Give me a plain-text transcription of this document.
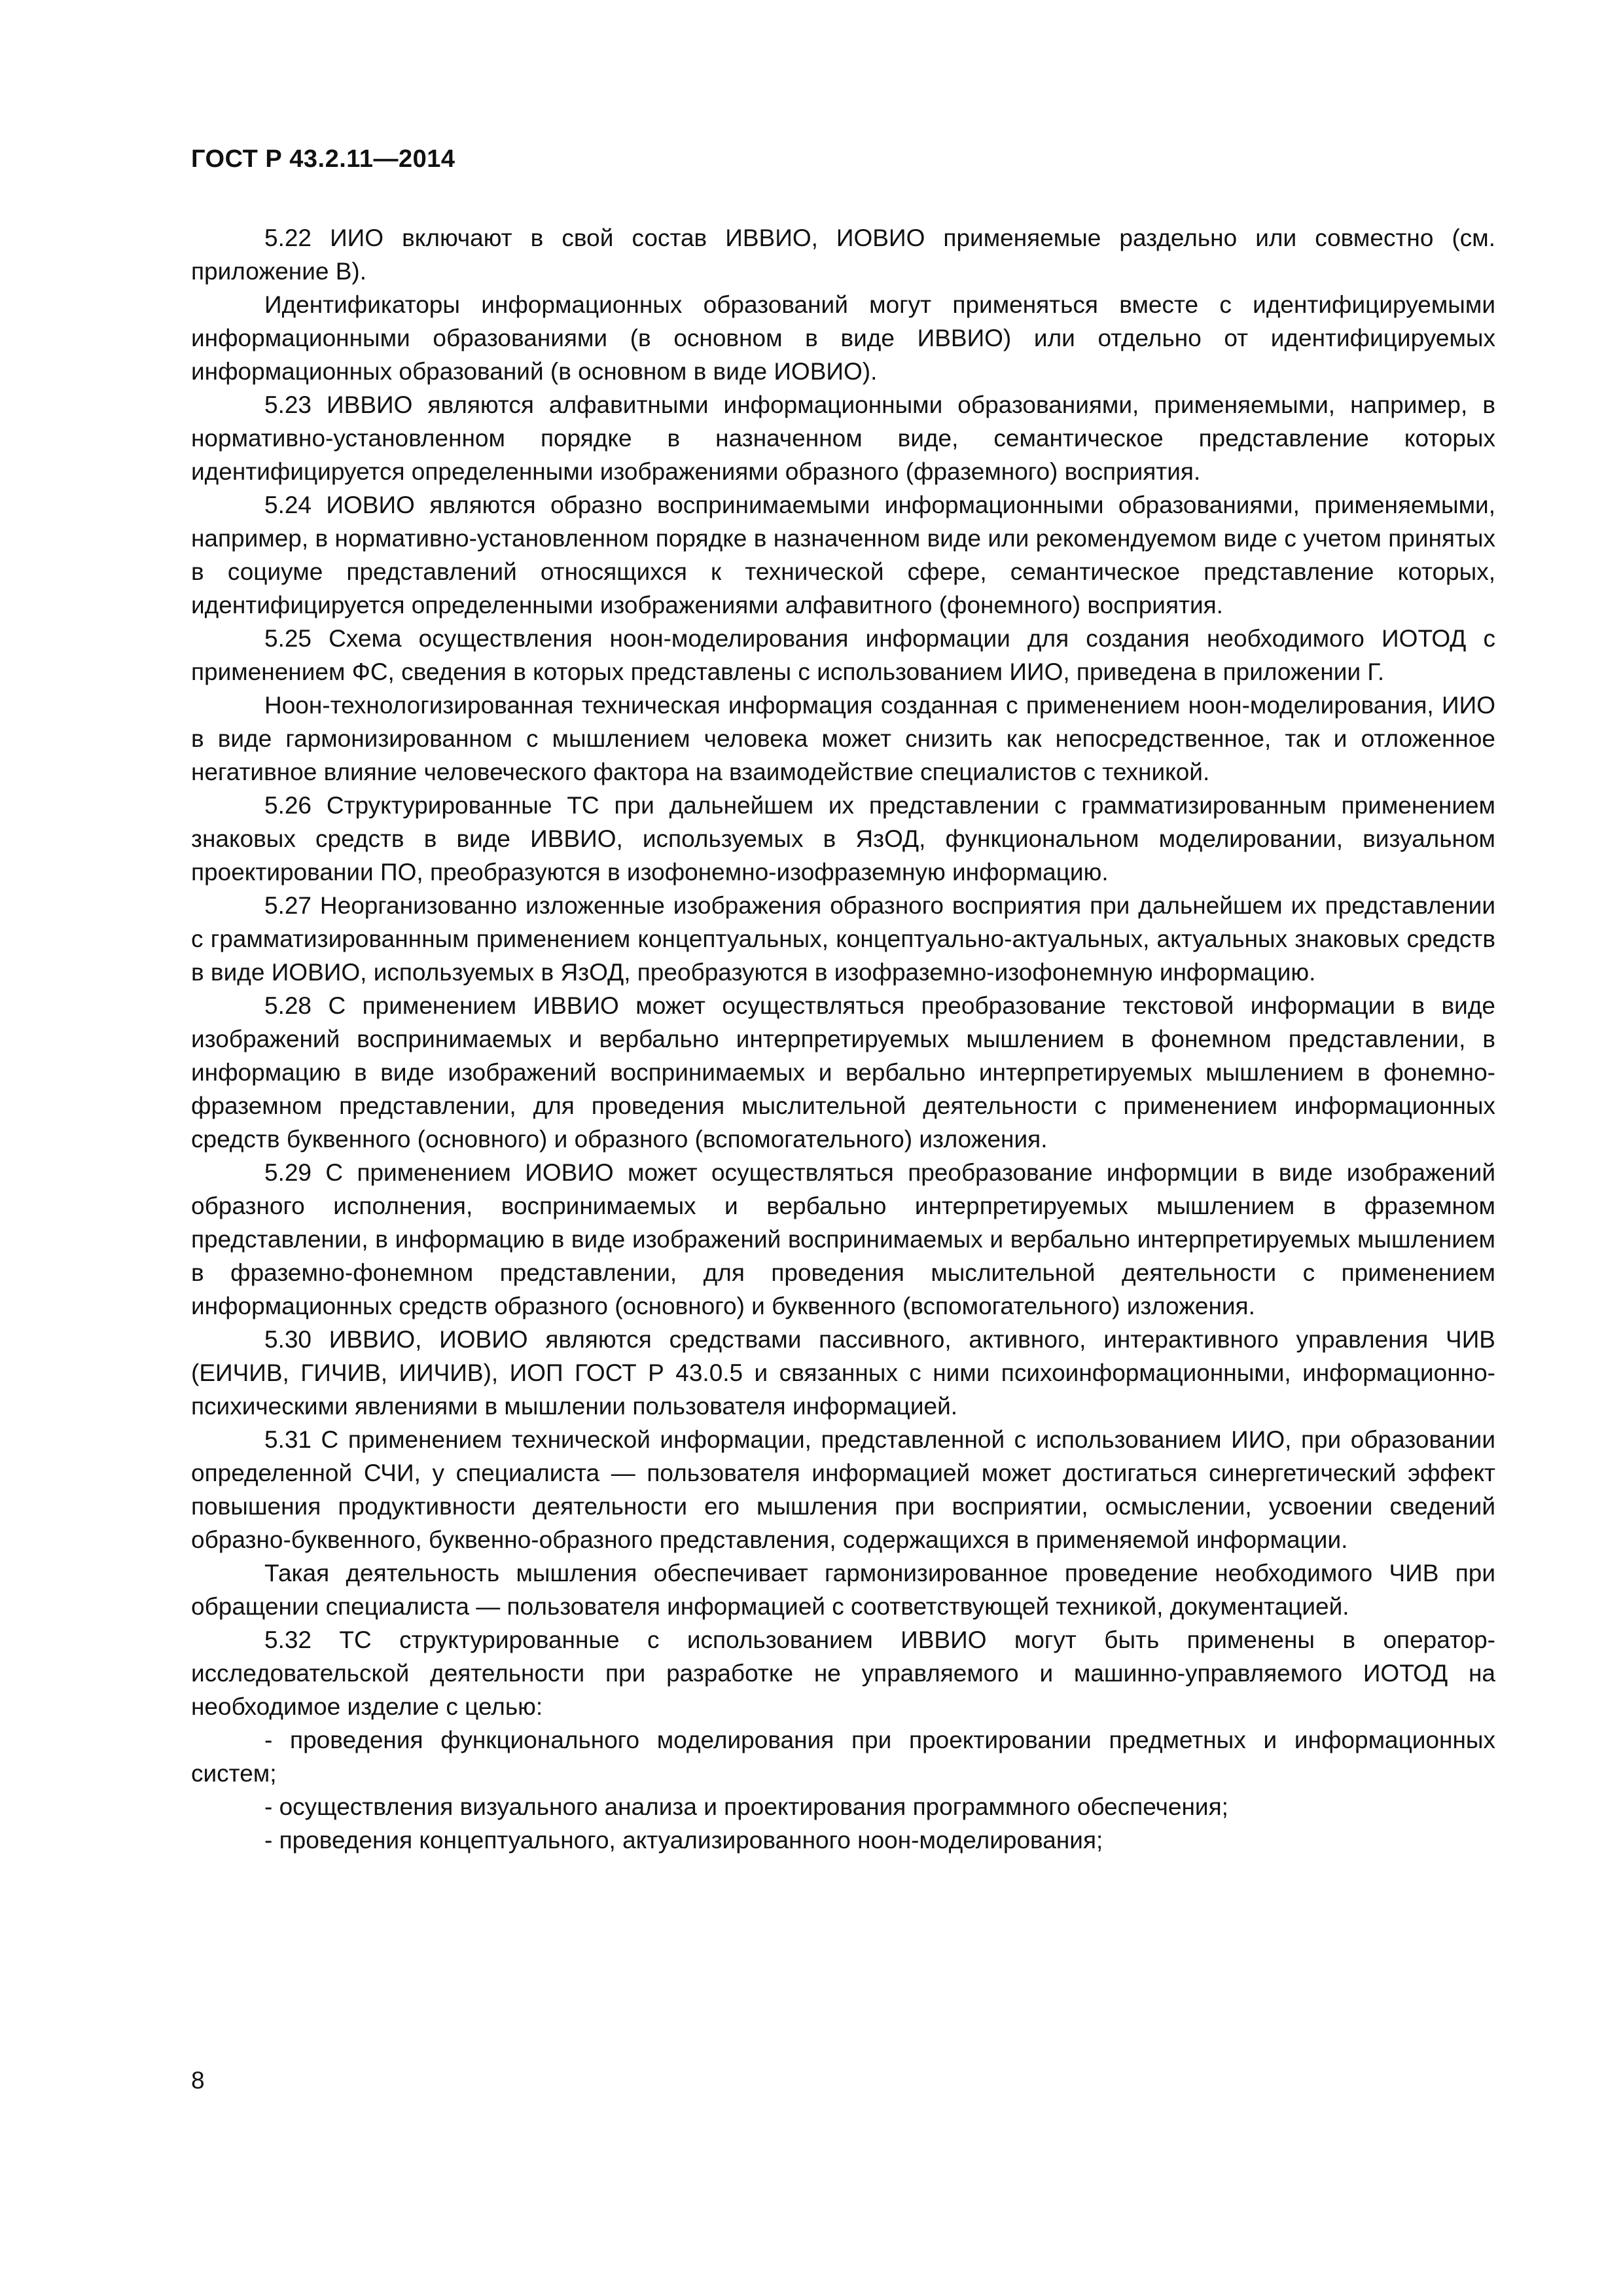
ГОСТ Р 43.2.11—2014

5.22 ИИО включают в свой состав ИВВИО, ИОВИО применяемые раздельно или совместно (см. приложение В).

Идентификаторы информационных образований могут применяться вместе с идентифицируемыми информационными образованиями (в основном в виде ИВВИО) или отдельно от идентифицируемых информационных образований (в основном в виде ИОВИО).

5.23 ИВВИО являются алфавитными информационными образованиями, применяемыми, например, в нормативно-установленном порядке в назначенном виде, семантическое представление которых идентифицируется определенными изображениями образного (фраземного) восприятия.

5.24 ИОВИО являются образно воспринимаемыми информационными образованиями, применяемыми, например, в нормативно-установленном порядке в назначенном виде или рекомендуемом виде с учетом принятых в социуме представлений относящихся к технической сфере, семантическое представление которых, идентифицируется определенными изображениями алфавитного (фонемного) восприятия.

5.25 Схема осуществления ноон-моделирования информации для создания необходимого ИОТОД с применением ФС, сведения в которых представлены с использованием ИИО, приведена в приложении Г.

Ноон-технологизированная техническая информация созданная с применением ноон-моделирования, ИИО в виде гармонизированном с мышлением человека может снизить как непосредственное, так и отложенное негативное влияние человеческого фактора на взаимодействие специалистов с техникой.

5.26 Структурированные ТС при дальнейшем их представлении с грамматизированным применением знаковых средств в виде ИВВИО, используемых в ЯзОД, функциональном моделировании, визуальном проектировании ПО, преобразуются в изофонемно-изофраземную информацию.

5.27 Неорганизованно изложенные изображения образного восприятия при дальнейшем их представлении с грамматизированнным применением концептуальных, концептуально-актуальных, актуальных знаковых средств в виде ИОВИО, используемых в ЯзОД, преобразуются в изофраземно-изофонемную информацию.

5.28 С применением ИВВИО может осуществляться преобразование текстовой информации в виде изображений воспринимаемых и вербально интерпретируемых мышлением в фонемном представлении, в информацию в виде изображений воспринимаемых и вербально интерпретируемых мышлением в фонемно-фраземном представлении, для проведения мыслительной деятельности с применением информационных средств буквенного (основного) и образного (вспомогательного) изложения.

5.29 С применением ИОВИО может осуществляться преобразование информции в виде изображений образного исполнения, воспринимаемых и вербально интерпретируемых мышлением в фраземном представлении, в информацию в виде изображений воспринимаемых и вербально интерпретируемых мышлением в фраземно-фонемном представлении, для проведения мыслительной деятельности с применением информационных средств образного (основного) и буквенного (вспомогательного) изложения.

5.30 ИВВИО, ИОВИО являются средствами пассивного, активного, интерактивного управления ЧИВ (ЕИЧИВ, ГИЧИВ, ИИЧИВ), ИОП ГОСТ Р 43.0.5 и связанных с ними психоинформационными, информационно-психическими явлениями в мышлении пользователя информацией.

5.31 С применением технической информации, представленной с использованием ИИО, при образовании определенной СЧИ, у специалиста — пользователя информацией может достигаться синергетический эффект повышения продуктивности деятельности его мышления при восприятии, осмыслении, усвоении сведений образно-буквенного, буквенно-образного представления, содержащихся в применяемой информации.

Такая деятельность мышления обеспечивает гармонизированное проведение необходимого ЧИВ при обращении специалиста — пользователя информацией с соответствующей техникой, документацией.

5.32 ТС структурированные с использованием ИВВИО могут быть применены в оператор-исследовательской деятельности при разработке не управляемого и машинно-управляемого ИОТОД на необходимое изделие с целью:

- проведения функционального моделирования при проектировании предметных и информационных систем;

- осуществления визуального анализа и проектирования программного обеспечения;

- проведения концептуального, актуализированного ноон-моделирования;

8
